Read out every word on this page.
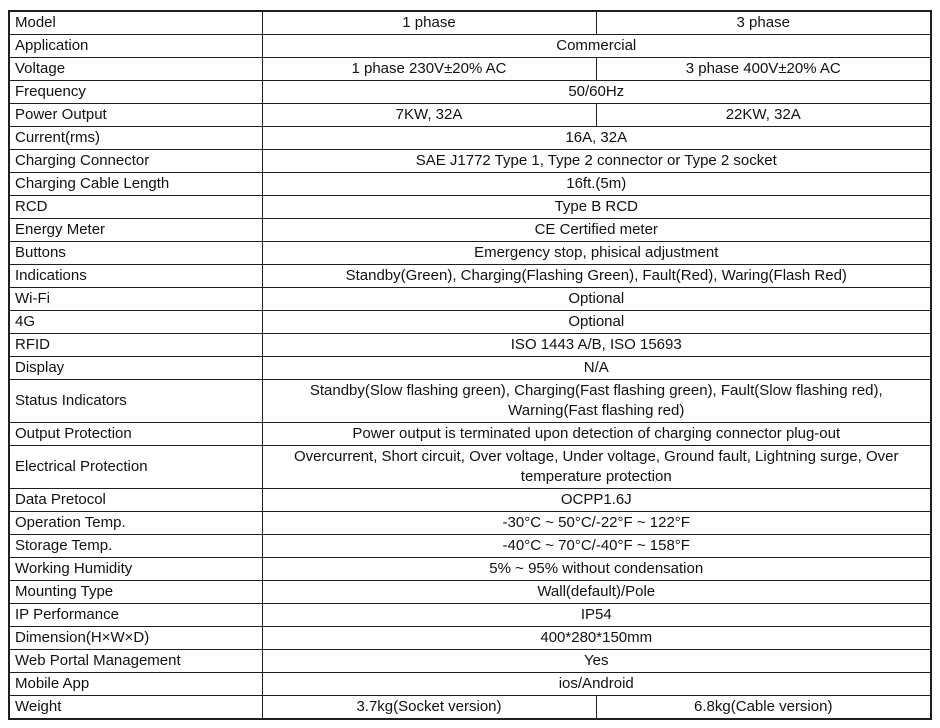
Model	1 phase	3 phase
Application	Commercial	
Voltage	1 phase 230V±20% AC	3 phase 400V±20% AC
Frequency	50/60Hz	
Power Output	7KW, 32A	22KW, 32A
Current(rms)	16A, 32A	
Charging Connector	SAE J1772 Type 1, Type 2 connector or Type 2 socket	
Charging Cable Length	16ft.(5m)	
RCD	Type B RCD	
Energy Meter	CE Certified meter	
Buttons	Emergency stop, phisical adjustment	
Indications	Standby(Green), Charging(Flashing Green), Fault(Red), Waring(Flash Red)	
Wi-Fi	Optional	
4G	Optional	
RFID	ISO 1443 A/B, ISO 15693	
Display	N/A	
Status Indicators	Standby(Slow flashing green), Charging(Fast flashing green), Fault(Slow flashing red), Warning(Fast flashing red)	
Output Protection	Power output is terminated upon detection of charging connector plug-out	
Electrical Protection	Overcurrent, Short circuit, Over voltage, Under voltage, Ground fault, Lightning surge, Over temperature protection	
Data Pretocol	OCPP1.6J	
Operation Temp.	-30°C ~ 50°C/-22°F ~ 122°F	
Storage Temp.	-40°C ~ 70°C/-40°F ~ 158°F	
Working Humidity	5% ~ 95% without condensation	
Mounting Type	Wall(default)/Pole	
IP Performance	IP54	
Dimension(H×W×D)	400*280*150mm	
Web Portal Management	Yes	
Mobile App	ios/Android	
Weight	3.7kg(Socket version)	6.8kg(Cable version)
